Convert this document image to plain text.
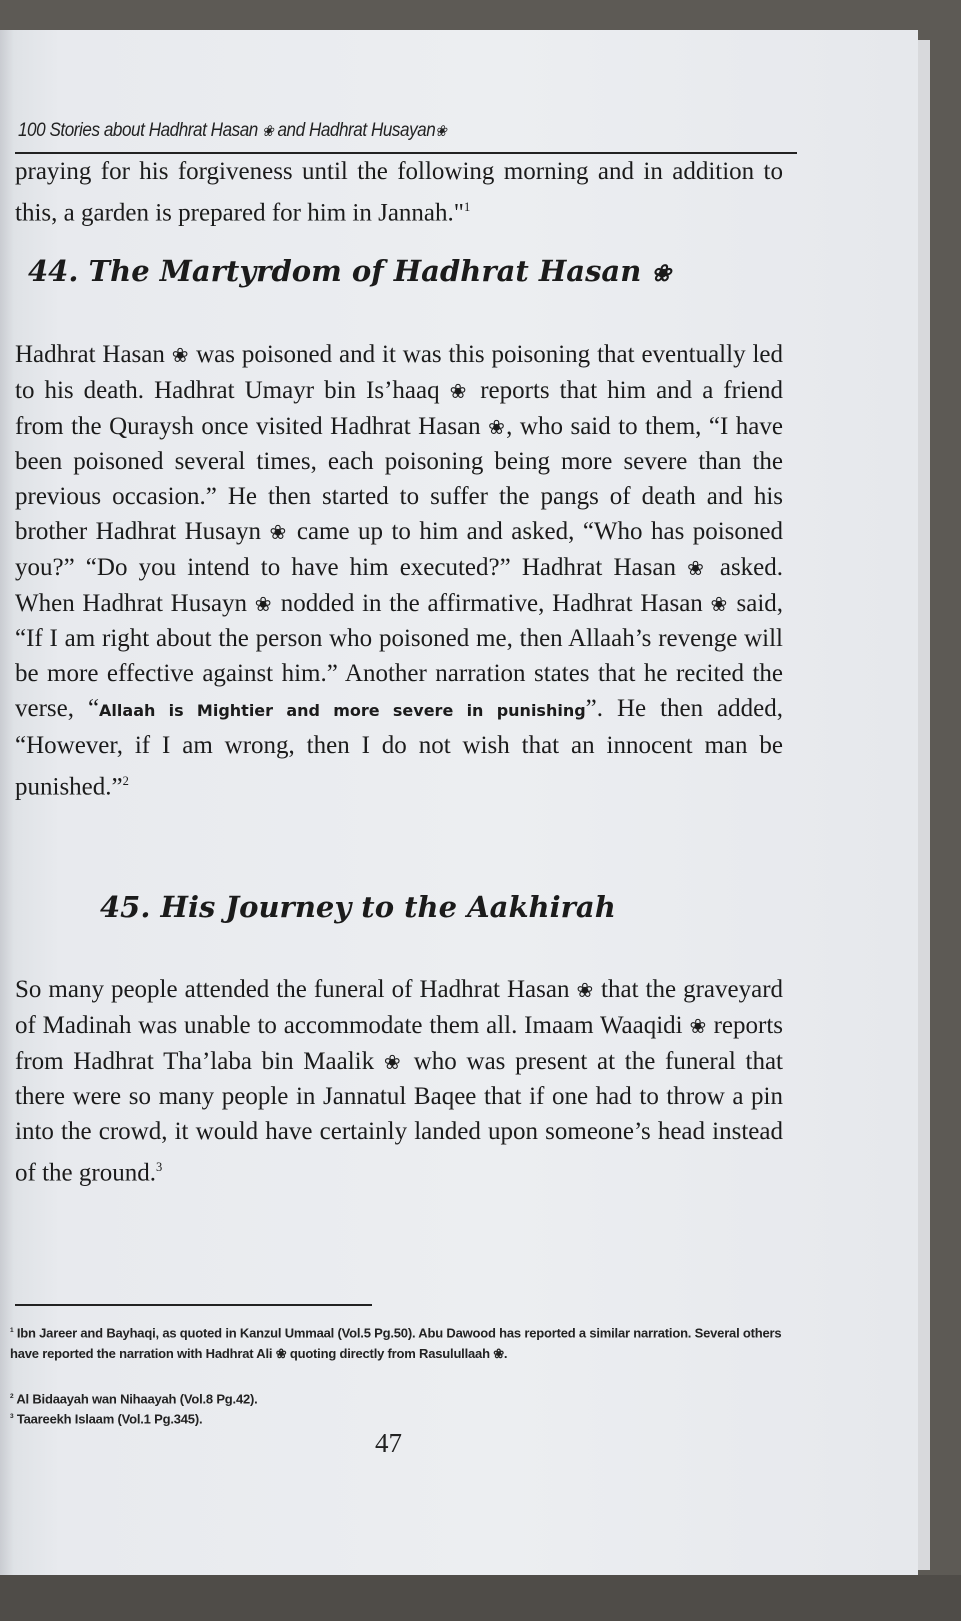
100 Stories about Hadhrat Hasan ❀ and Hadhrat Husayan❀
praying for his forgiveness until the following morning and in addition to this, a garden is prepared for him in Jannah."$^1$
44. The Martyrdom of Hadhrat Hasan ❀
Hadhrat Hasan ❀ was poisoned and it was this poisoning that eventually led to his death. Hadhrat Umayr bin Is’haaq ❀ reports that him and a friend from the Quraysh once visited Hadhrat Hasan ❀, who said to them, “I have been poisoned several times, each poisoning being more severe than the previous occasion.” He then started to suffer the pangs of death and his brother Hadhrat Husayn ❀ came up to him and asked, “Who has poisoned you?” “Do you intend to have him executed?” Hadhrat Hasan ❀ asked. When Hadhrat Husayn ❀ nodded in the affirmative, Hadhrat Hasan ❀ said, “If I am right about the person who poisoned me, then Allaah’s revenge will be more effective against him.” Another narration states that he recited the verse, “Allaah is Mightier and more severe in punishing”. He then added, “However, if I am wrong, then I do not wish that an innocent man be punished.”$^2$
45. His Journey to the Aakhirah
So many people attended the funeral of Hadhrat Hasan ❀ that the graveyard of Madinah was unable to accommodate them all. Imaam Waaqidi ❀ reports from Hadhrat Tha’laba bin Maalik ❀ who was present at the funeral that there were so many people in Jannatul Baqee that if one had to throw a pin into the crowd, it would have certainly landed upon someone’s head instead of the ground.$^3$
$^1$ Ibn Jareer and Bayhaqi, as quoted in Kanzul Ummaal (Vol.5 Pg.50). Abu Dawood has reported a similar narration. Several others have reported the narration with Hadhrat Ali ❀ quoting directly from Rasulullaah ❀.
$^2$ Al Bidaayah wan Nihaayah (Vol.8 Pg.42).
$^3$ Taareekh Islaam (Vol.1 Pg.345).
47
